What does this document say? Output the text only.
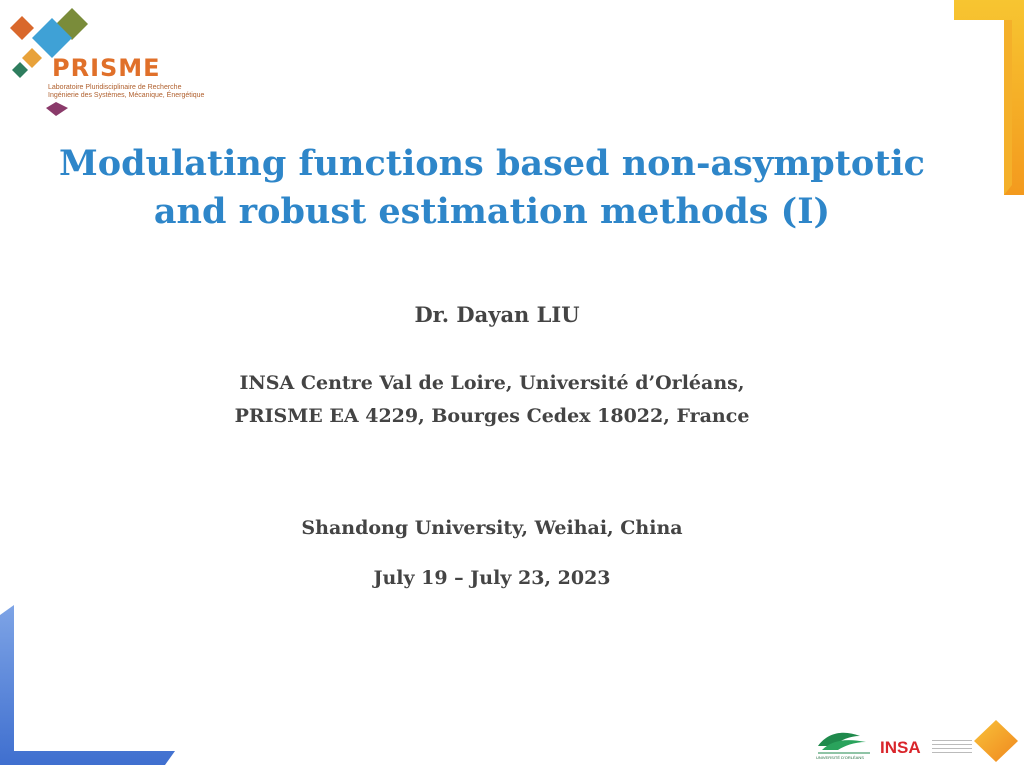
PRISME
Laboratoire Pluridisciplinaire de Recherche
Ingénierie des Systèmes, Mécanique, Énergétique
Modulating functions based non-asymptotic
and robust estimation methods (I)
Dr. Dayan LIU
INSA Centre Val de Loire, Université d’Orléans,
PRISME EA 4229, Bourges Cedex 18022, France
Shandong University, Weihai, China
July 19 – July 23, 2023
UNIVERSITÉ D'ORLÉANS
INSA
